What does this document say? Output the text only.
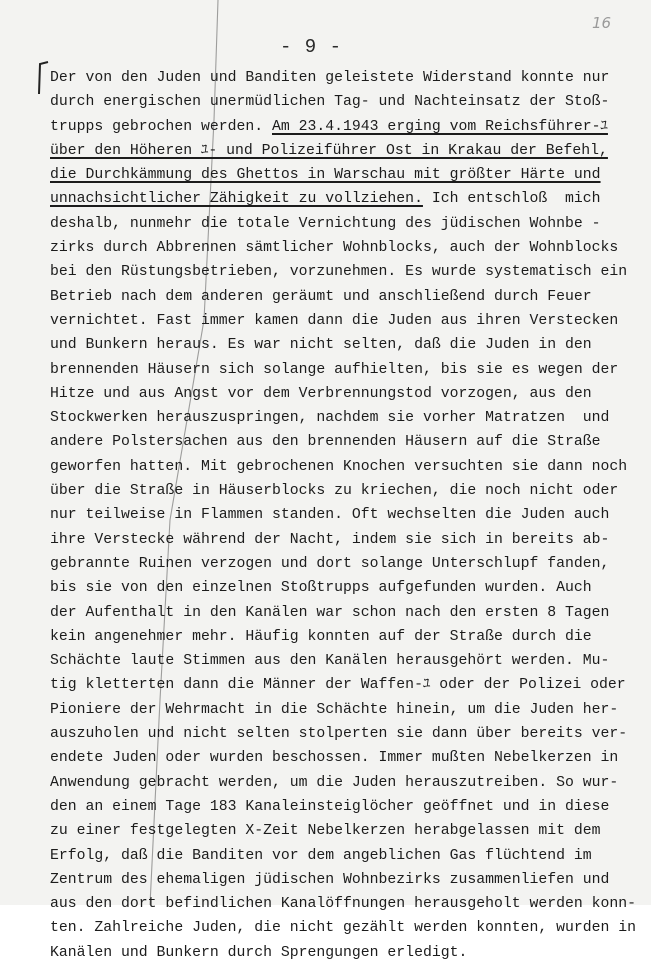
16
- 9 -
Der von den Juden und Banditen geleistete Widerstand konnte nur
durch energischen unermüdlichen Tag- und Nachteinsatz der Stoß-
trupps gebrochen werden. Am 23.4.1943 erging vom Reichsführer-ﾕ
über den Höheren ﾕ- und Polizeiführer Ost in Krakau der Befehl,
die Durchkämmung des Ghettos in Warschau mit größter Härte und
unnachsichtlicher Zähigkeit zu vollziehen. Ich entschloß  mich
deshalb, nunmehr die totale Vernichtung des jüdischen Wohnbe -
zirks durch Abbrennen sämtlicher Wohnblocks, auch der Wohnblocks
bei den Rüstungsbetrieben, vorzunehmen. Es wurde systematisch ein
Betrieb nach dem anderen geräumt und anschließend durch Feuer
vernichtet. Fast immer kamen dann die Juden aus ihren Verstecken
und Bunkern heraus. Es war nicht selten, daß die Juden in den
brennenden Häusern sich solange aufhielten, bis sie es wegen der
Hitze und aus Angst vor dem Verbrennungstod vorzogen, aus den
Stockwerken herauszuspringen, nachdem sie vorher Matratzen  und
andere Polstersachen aus den brennenden Häusern auf die Straße
geworfen hatten. Mit gebrochenen Knochen versuchten sie dann noch
über die Straße in Häuserblocks zu kriechen, die noch nicht oder
nur teilweise in Flammen standen. Oft wechselten die Juden auch
ihre Verstecke während der Nacht, indem sie sich in bereits ab-
gebrannte Ruinen verzogen und dort solange Unterschlupf fanden,
bis sie von den einzelnen Stoßtrupps aufgefunden wurden. Auch
der Aufenthalt in den Kanälen war schon nach den ersten 8 Tagen
kein angenehmer mehr. Häufig konnten auf der Straße durch die
Schächte laute Stimmen aus den Kanälen herausgehört werden. Mu-
tig kletterten dann die Männer der Waffen-ﾕ oder der Polizei oder
Pioniere der Wehrmacht in die Schächte hinein, um die Juden her-
auszuholen und nicht selten stolperten sie dann über bereits ver-
endete Juden oder wurden beschossen. Immer mußten Nebelkerzen in
Anwendung gebracht werden, um die Juden herauszutreiben. So wur-
den an einem Tage 183 Kanaleinsteiglöcher geöffnet und in diese
zu einer festgelegten X-Zeit Nebelkerzen herabgelassen mit dem
Erfolg, daß die Banditen vor dem angeblichen Gas flüchtend im
Zentrum des ehemaligen jüdischen Wohnbezirks zusammenliefen und
aus den dort befindlichen Kanalöffnungen herausgeholt werden konn-
ten. Zahlreiche Juden, die nicht gezählt werden konnten, wurden in
Kanälen und Bunkern durch Sprengungen erledigt.
